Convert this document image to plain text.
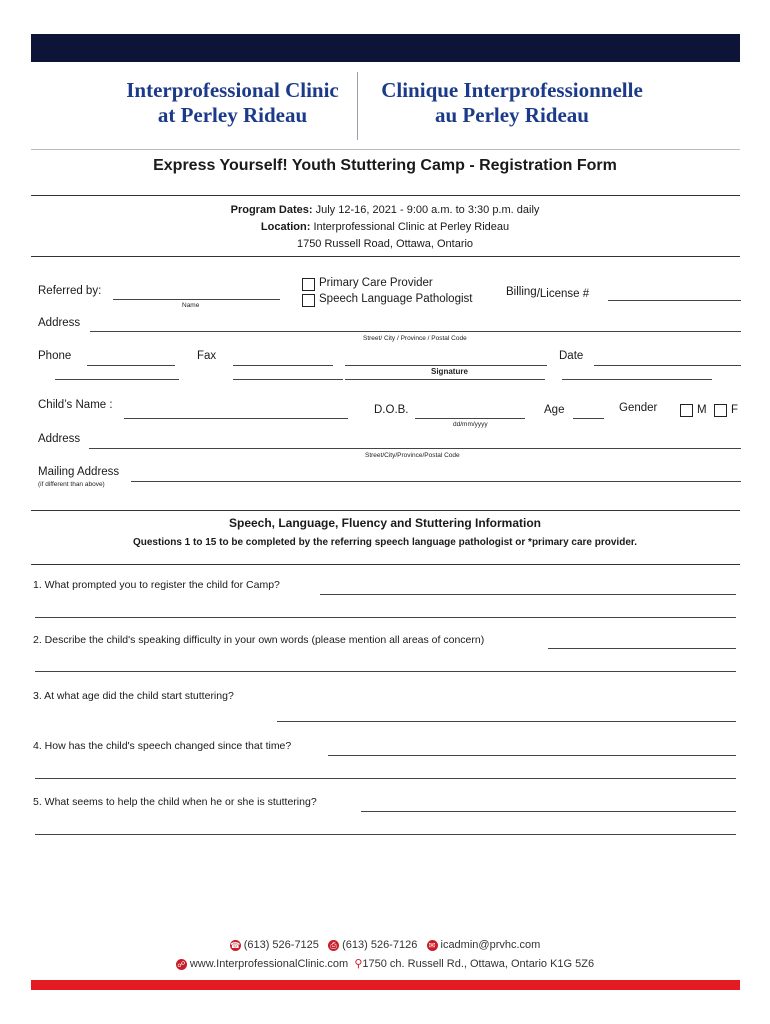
Interprofessional Clinic
at Perley Rideau
Clinique Interprofessionnelle
au Perley Rideau
Express Yourself! Youth Stuttering Camp - Registration Form
Program Dates: July 12-16, 2021 - 9:00 a.m. to 3:30 p.m. daily
Location: Interprofessional Clinic at Perley Rideau
1750 Russell Road, Ottawa, Ontario
Referred by:
Name
Primary Care Provider
Speech Language Pathologist
Billing/License #
Address
Street/ City / Province / Postal Code
Phone	Fax	Date
Signature
Child’s Name :	D.O.B.
dd/mm/yyyy
Age	Gender	M F
Address
Street/City/Province/Postal Code
Mailing Address
(if different than above)
Speech, Language, Fluency and Stuttering Information
Questions 1 to 15 to be completed by the referring speech language pathologist or *primary care provider.
1. What prompted you to register the child for Camp?
2. Describe the child's speaking difficulty in your own words (please mention all areas of concern)
3. At what age did the child start stuttering?
4. How has the child's speech changed since that time?
5. What seems to help the child when he or she is stuttering?
☎ (613) 526-7125 ⎙ (613) 526-7126 ✉ icadmin@prvhc.com
☍ www.InterprofessionalClinic.com ⚲1750 ch. Russell Rd., Ottawa, Ontario K1G 5Z6
